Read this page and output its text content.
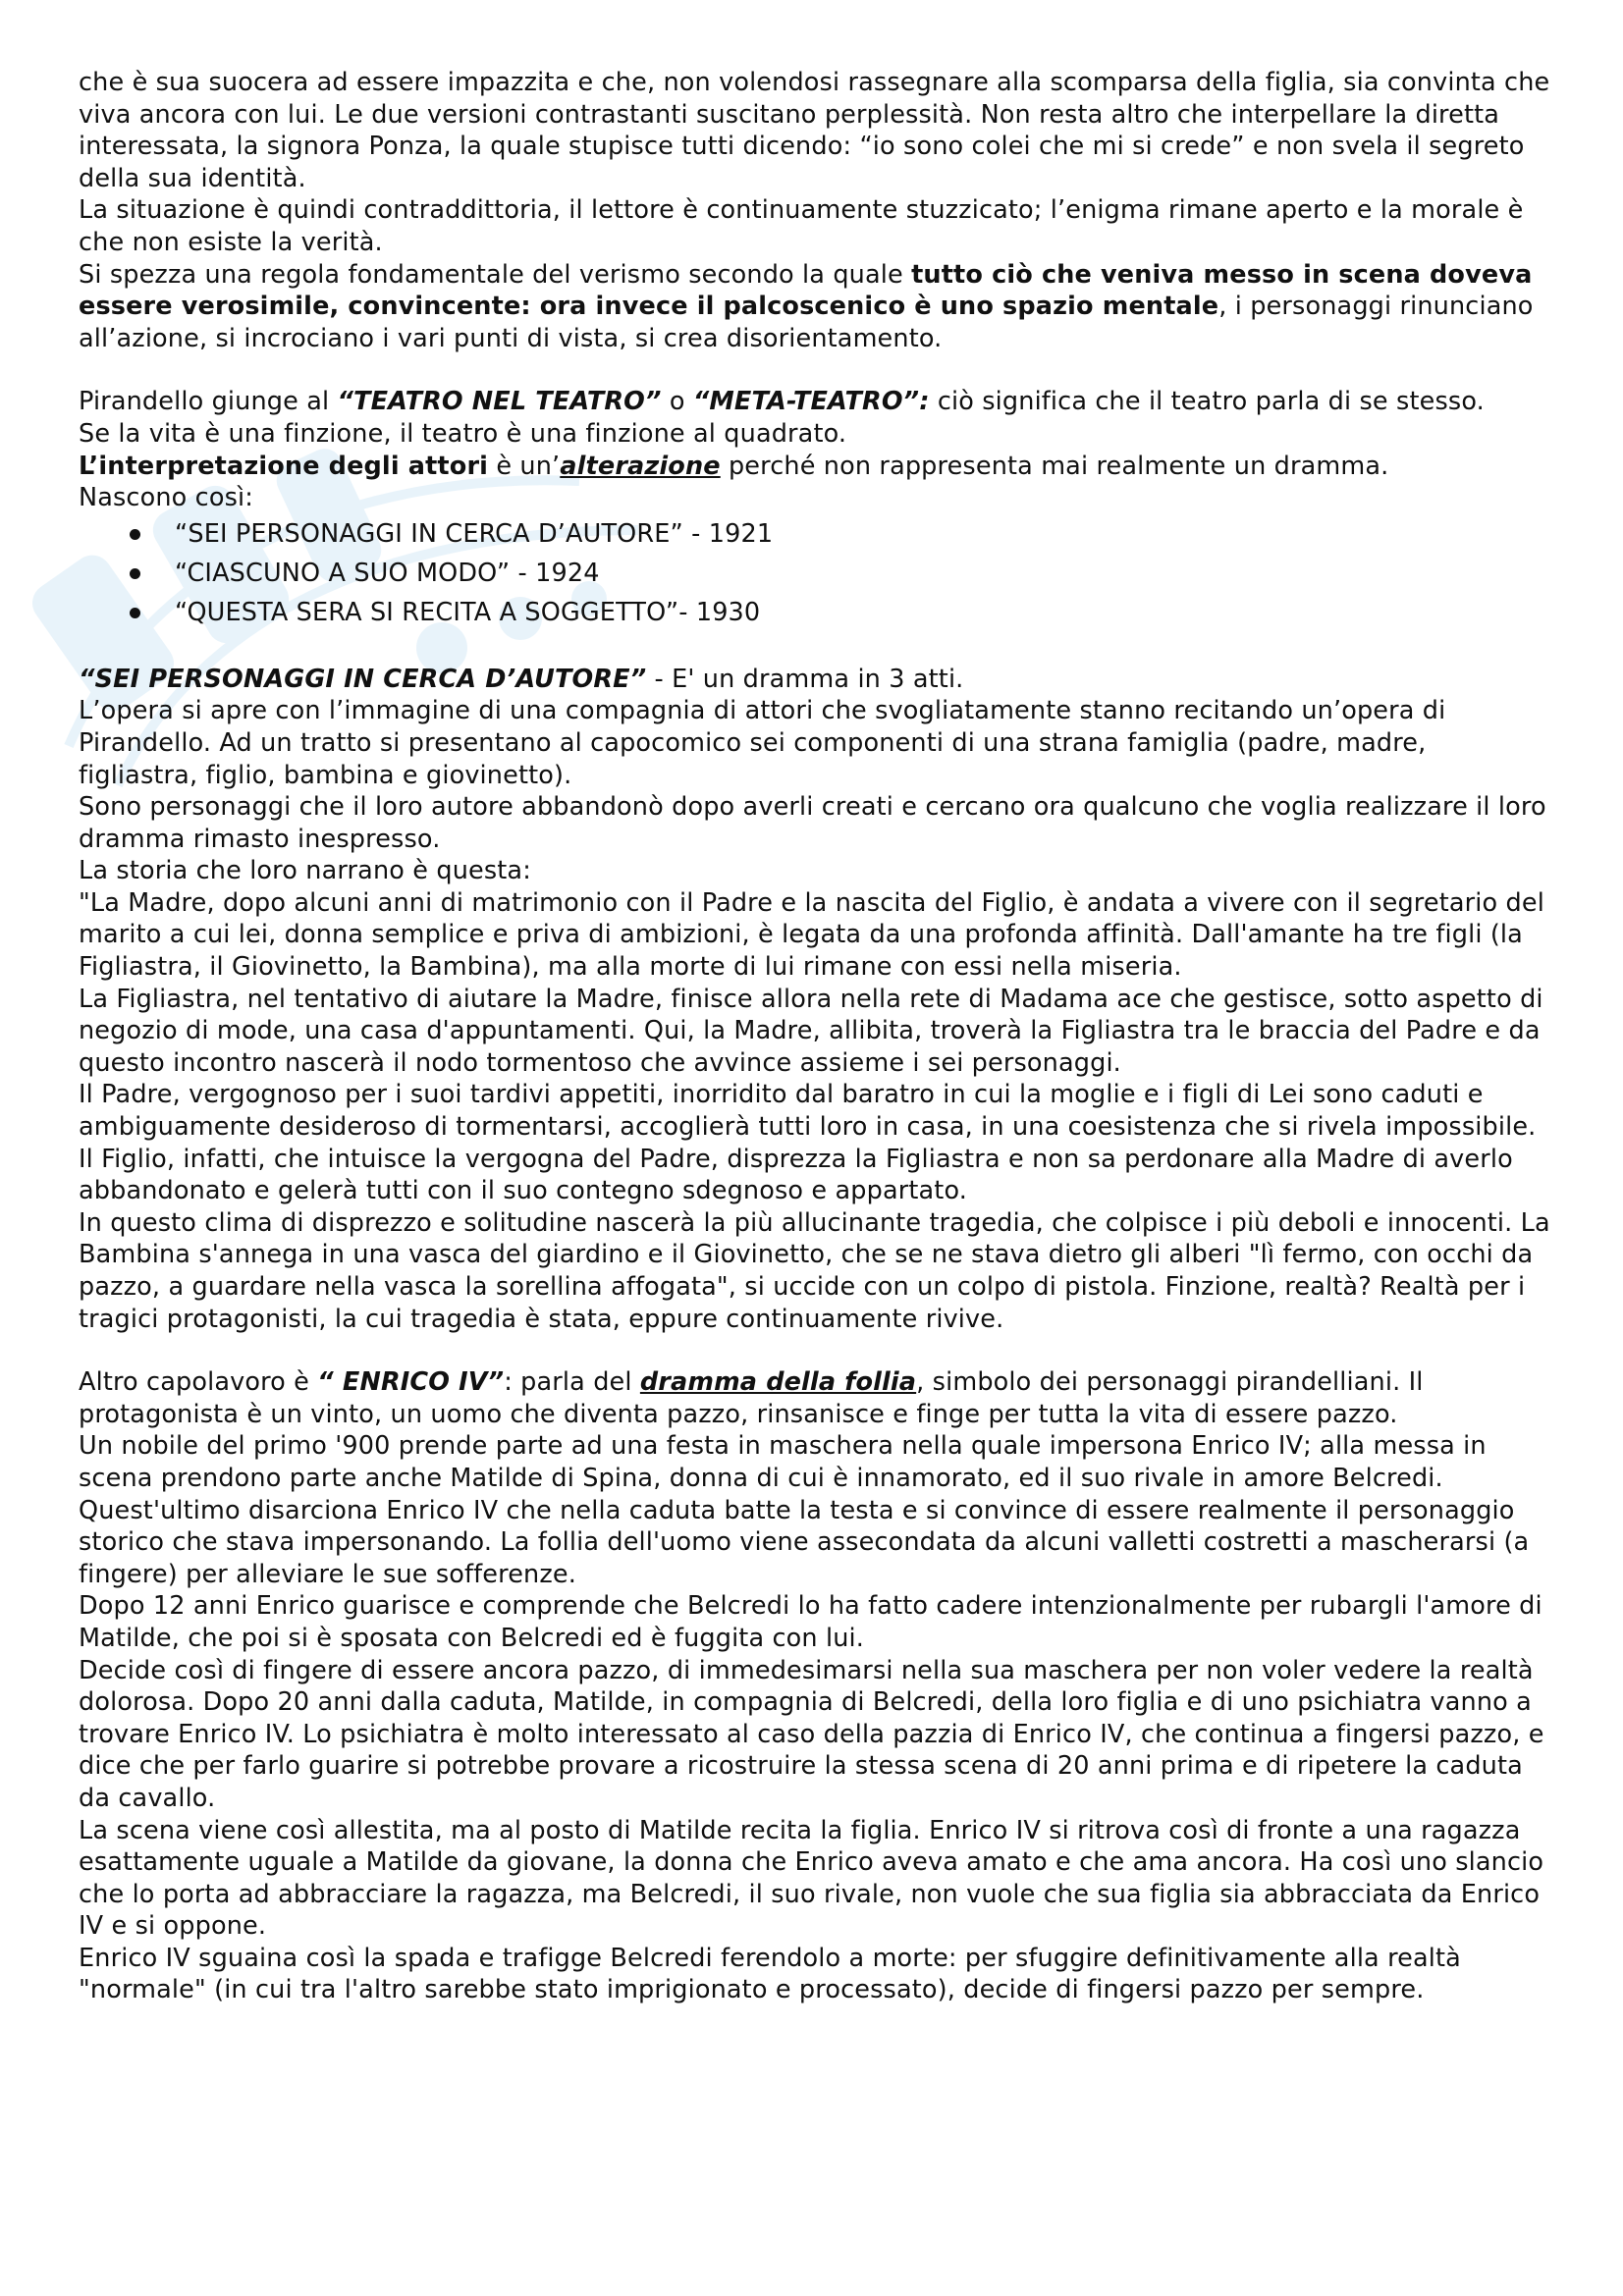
che è sua suocera ad essere impazzita e che, non volendosi rassegnare alla scomparsa della figlia, sia convinta che viva ancora con lui. Le due versioni contrastanti suscitano perplessità. Non resta altro che interpellare la diretta interessata, la signora Ponza, la quale stupisce tutti dicendo: “io sono colei che mi si crede” e non svela il segreto della sua identità.

La situazione è quindi contraddittoria, il lettore è continuamente stuzzicato; l’enigma rimane aperto e la morale è che non esiste la verità.

Si spezza una regola fondamentale del verismo secondo la quale tutto ciò che veniva messo in scena doveva essere verosimile, convincente: ora invece il palcoscenico è uno spazio mentale, i personaggi rinunciano all’azione, si incrociano i vari punti di vista, si crea disorientamento.

Pirandello giunge al “TEATRO NEL TEATRO” o “META-TEATRO”: ciò significa che il teatro parla di se stesso.

Se la vita è una finzione, il teatro è una finzione al quadrato.

L’interpretazione degli attori è un’alterazione perché non rappresenta mai realmente un dramma.

Nascono così:

“SEI PERSONAGGI IN CERCA D’AUTORE” - 1921
“CIASCUNO A SUO MODO” - 1924
“QUESTA SERA SI RECITA A SOGGETTO”- 1930

“SEI PERSONAGGI IN CERCA D’AUTORE” - E' un dramma in 3 atti.

L’opera si apre con l’immagine di una compagnia di attori che svogliatamente stanno recitando un’opera di Pirandello. Ad un tratto si presentano al capocomico sei componenti di una strana famiglia (padre, madre, figliastra, figlio, bambina e giovinetto).

Sono personaggi che il loro autore abbandonò dopo averli creati e cercano ora qualcuno che voglia realizzare il loro dramma rimasto inespresso.

La storia che loro narrano è questa:

"La Madre, dopo alcuni anni di matrimonio con il Padre e la nascita del Figlio, è andata a vivere con il segretario del marito a cui lei, donna semplice e priva di ambizioni, è legata da una profonda affinità. Dall'amante ha tre figli (la Figliastra, il Giovinetto, la Bambina), ma alla morte di lui rimane con essi nella miseria.

La Figliastra, nel tentativo di aiutare la Madre, finisce allora nella rete di Madama ace che gestisce, sotto aspetto di negozio di mode, una casa d'appuntamenti. Qui, la Madre, allibita, troverà la Figliastra tra le braccia del Padre e da questo incontro nascerà il nodo tormentoso che avvince assieme i sei personaggi.

Il Padre, vergognoso per i suoi tardivi appetiti, inorridito dal baratro in cui la moglie e i figli di Lei sono caduti e ambiguamente desideroso di tormentarsi, accoglierà tutti loro in casa, in una coesistenza che si rivela impossibile. Il Figlio, infatti, che intuisce la vergogna del Padre, disprezza la Figliastra e non sa perdonare alla Madre di averlo abbandonato e gelerà tutti con il suo contegno sdegnoso e appartato.

In questo clima di disprezzo e solitudine nascerà la più allucinante tragedia, che colpisce i più deboli e innocenti. La Bambina s'annega in una vasca del giardino e il Giovinetto, che se ne stava dietro gli alberi "lì fermo, con occhi da pazzo, a guardare nella vasca la sorellina affogata", si uccide con un colpo di pistola. Finzione, realtà? Realtà per i tragici protagonisti, la cui tragedia è stata, eppure continuamente rivive.

Altro capolavoro è “ ENRICO IV”: parla del dramma della follia, simbolo dei personaggi pirandelliani. Il protagonista è un vinto, un uomo che diventa pazzo, rinsanisce e finge per tutta la vita di essere pazzo.

Un nobile del primo '900 prende parte ad una festa in maschera nella quale impersona Enrico IV; alla messa in scena prendono parte anche Matilde di Spina, donna di cui è innamorato, ed il suo rivale in amore Belcredi.

Quest'ultimo disarciona Enrico IV che nella caduta batte la testa e si convince di essere realmente il personaggio storico che stava impersonando. La follia dell'uomo viene assecondata da alcuni valletti costretti a mascherarsi (a fingere) per alleviare le sue sofferenze.

Dopo 12 anni Enrico guarisce e comprende che Belcredi lo ha fatto cadere intenzionalmente per rubargli l'amore di Matilde, che poi si è sposata con Belcredi ed è fuggita con lui.

Decide così di fingere di essere ancora pazzo, di immedesimarsi nella sua maschera per non voler vedere la realtà dolorosa. Dopo 20 anni dalla caduta, Matilde, in compagnia di Belcredi, della loro figlia e di uno psichiatra vanno a trovare Enrico IV. Lo psichiatra è molto interessato al caso della pazzia di Enrico IV, che continua a fingersi pazzo, e dice che per farlo guarire si potrebbe provare a ricostruire la stessa scena di 20 anni prima e di ripetere la caduta da cavallo.

La scena viene così allestita, ma al posto di Matilde recita la figlia. Enrico IV si ritrova così di fronte a una ragazza esattamente uguale a Matilde da giovane, la donna che Enrico aveva amato e che ama ancora. Ha così uno slancio che lo porta ad abbracciare la ragazza, ma Belcredi, il suo rivale, non vuole che sua figlia sia abbracciata da Enrico IV e si oppone.

Enrico IV sguaina così la spada e trafigge Belcredi ferendolo a morte: per sfuggire definitivamente alla realtà "normale" (in cui tra l'altro sarebbe stato imprigionato e processato), decide di fingersi pazzo per sempre.
